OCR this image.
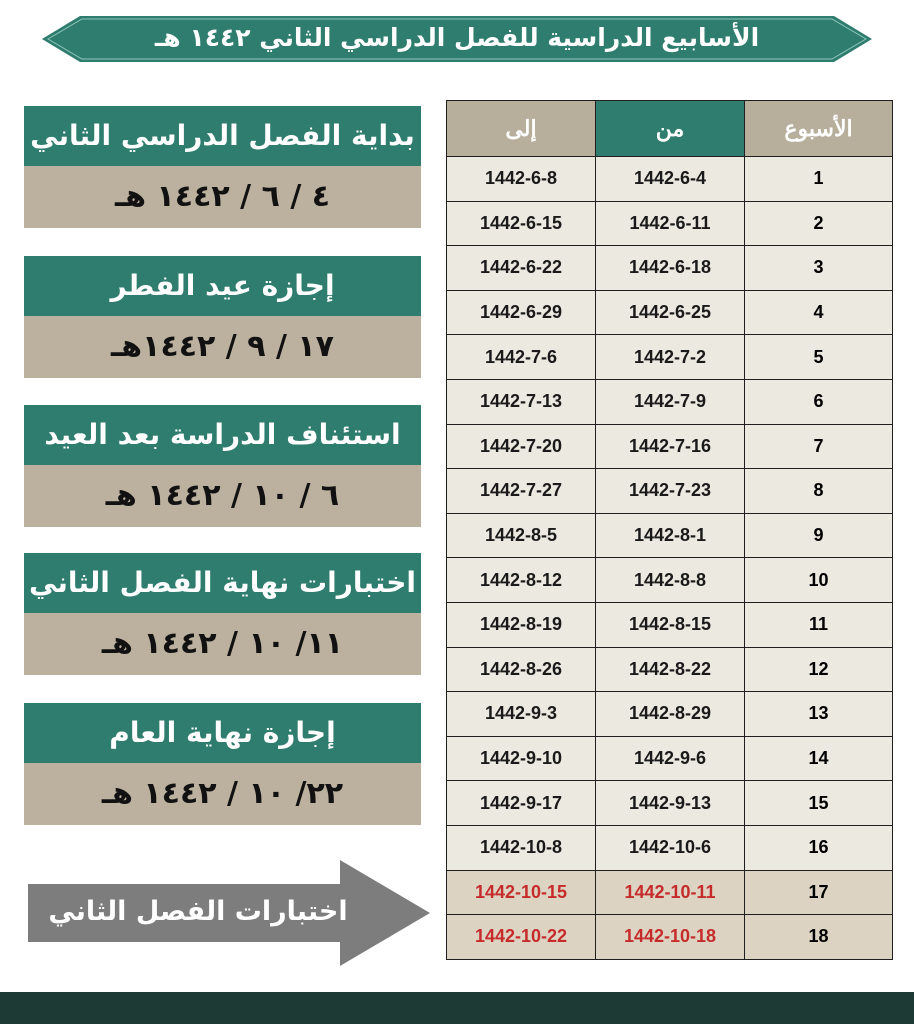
الأسابيع الدراسية للفصل الدراسي الثاني ١٤٤٢ هـ
بداية الفصل الدراسي الثاني
٤ / ٦ / ١٤٤٢ هـ
إجازة عيد الفطر
١٧ / ٩ / ١٤٤٢هـ
استئناف الدراسة بعد العيد
٦ / ١٠ / ١٤٤٢ هـ
اختبارات نهاية الفصل الثاني
١١/ ١٠ / ١٤٤٢ هـ
إجازة نهاية العام
٢٢/ ١٠ / ١٤٤٢ هـ
اختبارات الفصل الثاني
الأسبوع	من	إلى
1	1442-6-4	1442-6-8
2	1442-6-11	1442-6-15
3	1442-6-18	1442-6-22
4	1442-6-25	1442-6-29
5	1442-7-2	1442-7-6
6	1442-7-9	1442-7-13
7	1442-7-16	1442-7-20
8	1442-7-23	1442-7-27
9	1442-8-1	1442-8-5
10	1442-8-8	1442-8-12
11	1442-8-15	1442-8-19
12	1442-8-22	1442-8-26
13	1442-8-29	1442-9-3
14	1442-9-6	1442-9-10
15	1442-9-13	1442-9-17
16	1442-10-6	1442-10-8
17	1442-10-11	1442-10-15
18	1442-10-18	1442-10-22
